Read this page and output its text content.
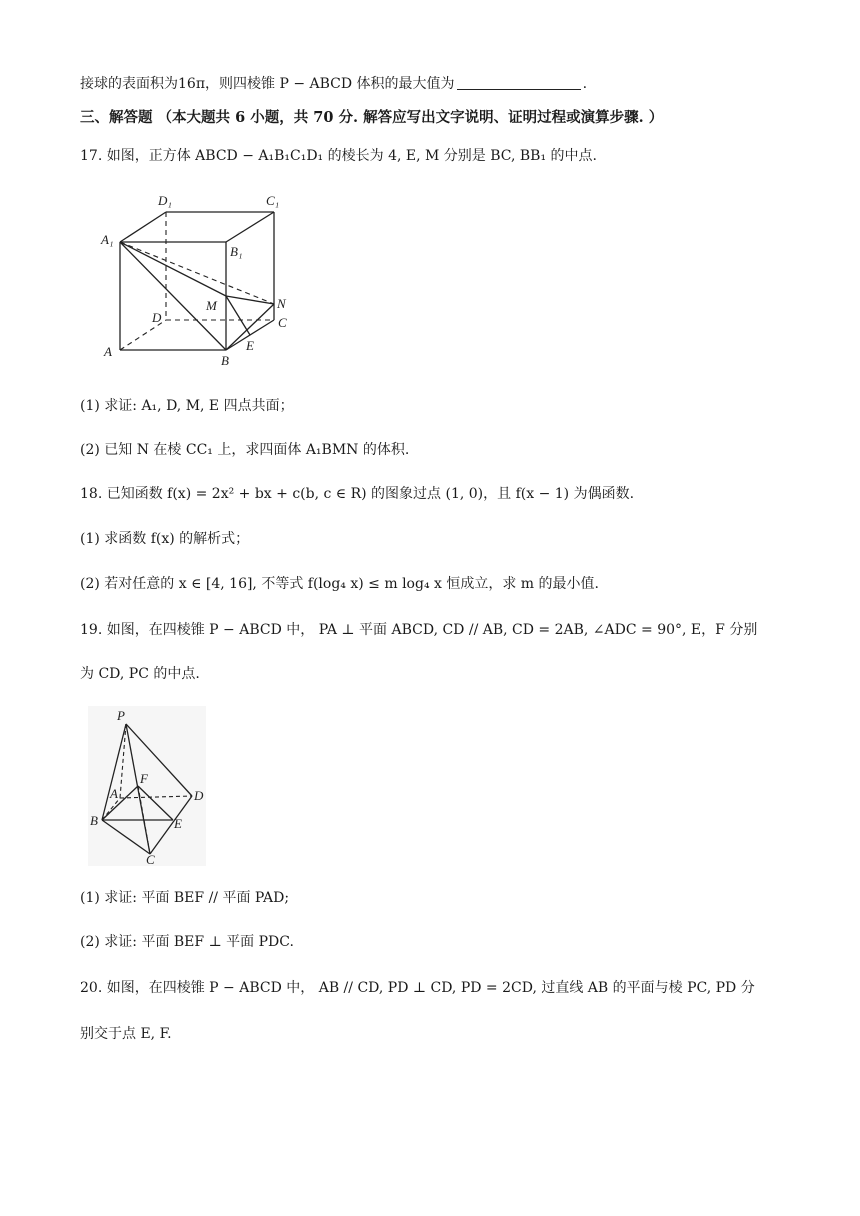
接球的表面积为16π，则四棱锥 P − ABCD 体积的最大值为	.
三、解答题 （本大题共 6 小题，共 70 分. 解答应写出文字说明、证明过程或演算步骤. ）
17. 如图，正方体 ABCD − A₁B₁C₁D₁ 的棱长为 4, E, M 分别是 BC, BB₁ 的中点.
D₁	C₁
A₁
B₁
M	N
D	C
A
B
E
(1) 求证: A₁, D, M, E 四点共面；
(2) 已知 N 在棱 CC₁ 上，求四面体 A₁BMN 的体积.
18. 已知函数 f(x) = 2x² + bx + c(b, c ∈ R) 的图象过点 (1, 0)，且 f(x − 1) 为偶函数.
(1) 求函数 f(x) 的解析式；
(2) 若对任意的 x ∈ [4, 16], 不等式 f(log₄ x) ≤ m log₄ x 恒成立，求 m 的最小值.
19. 如图，在四棱锥 P − ABCD 中， PA ⊥ 平面 ABCD, CD // AB, CD = 2AB, ∠ADC = 90°, E，F 分别
为 CD, PC 的中点.
P
F
A	D
B	E
C
(1) 求证: 平面 BEF // 平面 PAD;
(2) 求证: 平面 BEF ⊥ 平面 PDC.
20. 如图，在四棱锥 P − ABCD 中， AB // CD, PD ⊥ CD, PD = 2CD, 过直线 AB 的平面与棱 PC, PD 分
别交于点 E, F.
